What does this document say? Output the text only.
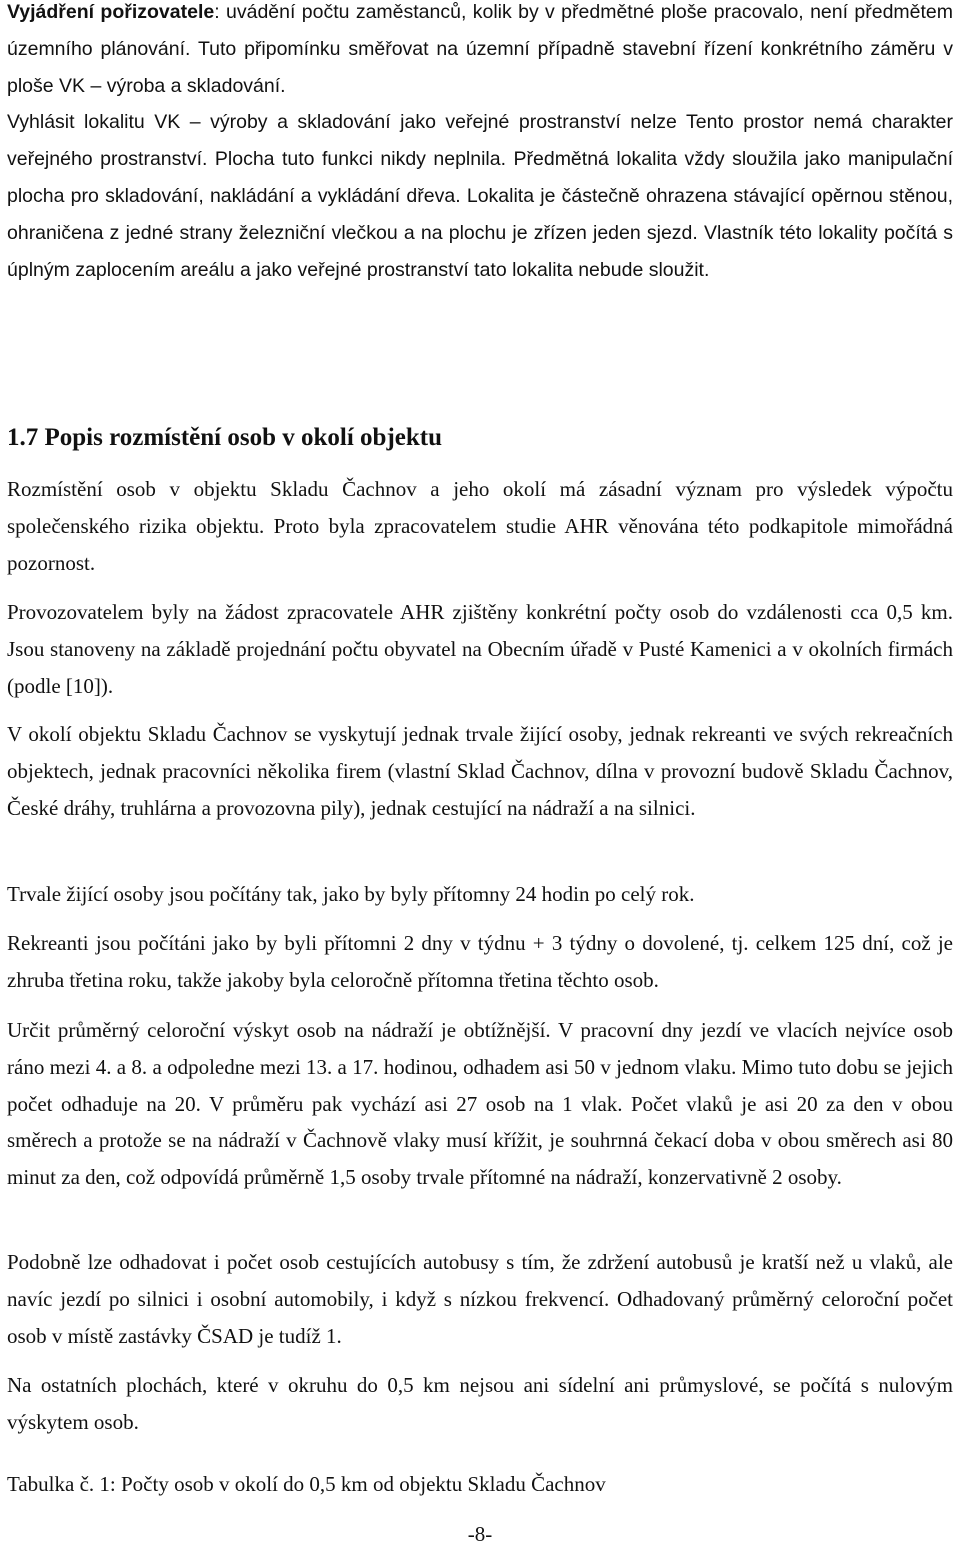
Vyjádření pořizovatele: uvádění počtu zaměstanců, kolik by v předmětné ploše pracovalo, není předmětem územního plánování. Tuto připomínku směřovat na územní případně stavební řízení konkrétního záměru v ploše VK – výroba a skladování.

Vyhlásit lokalitu VK – výroby a skladování jako veřejné prostranství nelze Tento prostor nemá charakter veřejného prostranství. Plocha tuto funkci nikdy neplnila. Předmětná lokalita vždy sloužila jako manipulační plocha pro skladování, nakládání a vykládání dřeva. Lokalita je částečně ohrazena stávající opěrnou stěnou, ohraničena z jedné strany železniční vlečkou a na plochu je zřízen jeden sjezd. Vlastník této lokality počítá s úplným zaplocením areálu a jako veřejné prostranství tato lokalita nebude sloužit.

1.7 Popis rozmístění osob v okolí objektu

Rozmístění osob v objektu Skladu Čachnov a jeho okolí má zásadní význam pro výsledek výpočtu společenského rizika objektu. Proto byla zpracovatelem studie AHR věnována této podkapitole mimořádná pozornost.

Provozovatelem byly na žádost zpracovatele AHR zjištěny konkrétní počty osob do vzdálenosti cca 0,5 km. Jsou stanoveny na základě projednání počtu obyvatel na Obecním úřadě v Pusté Kamenici a v okolních firmách (podle [10]).

V okolí objektu Skladu Čachnov se vyskytují jednak trvale žijící osoby, jednak rekreanti ve svých rekreačních objektech, jednak pracovníci několika firem (vlastní Sklad Čachnov, dílna v provozní budově Skladu Čachnov, České dráhy, truhlárna a provozovna pily), jednak cestující na nádraží a na silnici.

Trvale žijící osoby jsou počítány tak, jako by byly přítomny 24 hodin po celý rok.

Rekreanti jsou počítáni jako by byli přítomni 2 dny v týdnu + 3 týdny o dovolené, tj. celkem 125 dní, což je zhruba třetina roku, takže jakoby byla celoročně přítomna třetina těchto osob.

Určit průměrný celoroční výskyt osob na nádraží je obtížnější. V pracovní dny jezdí ve vlacích nejvíce osob ráno mezi 4. a 8. a odpoledne mezi 13. a 17. hodinou, odhadem asi 50 v jednom vlaku. Mimo tuto dobu se jejich počet odhaduje na 20. V průměru pak vychází asi 27 osob na 1 vlak. Počet vlaků je asi 20 za den v obou směrech a protože se na nádraží v Čachnově vlaky musí křížit, je souhrnná čekací doba v obou směrech asi 80 minut za den, což odpovídá průměrně 1,5 osoby trvale přítomné na nádraží, konzervativně 2 osoby.

Podobně lze odhadovat i počet osob cestujících autobusy s tím, že zdržení autobusů je kratší než u vlaků, ale navíc jezdí po silnici i osobní automobily, i když s nízkou frekvencí. Odhadovaný průměrný celoroční počet osob v místě zastávky ČSAD je tudíž 1.

Na ostatních plochách, které v okruhu do 0,5 km nejsou ani sídelní ani průmyslové, se počítá s nulovým výskytem osob.

Tabulka č. 1: Počty osob v okolí do 0,5 km od objektu Skladu Čachnov
-8-
